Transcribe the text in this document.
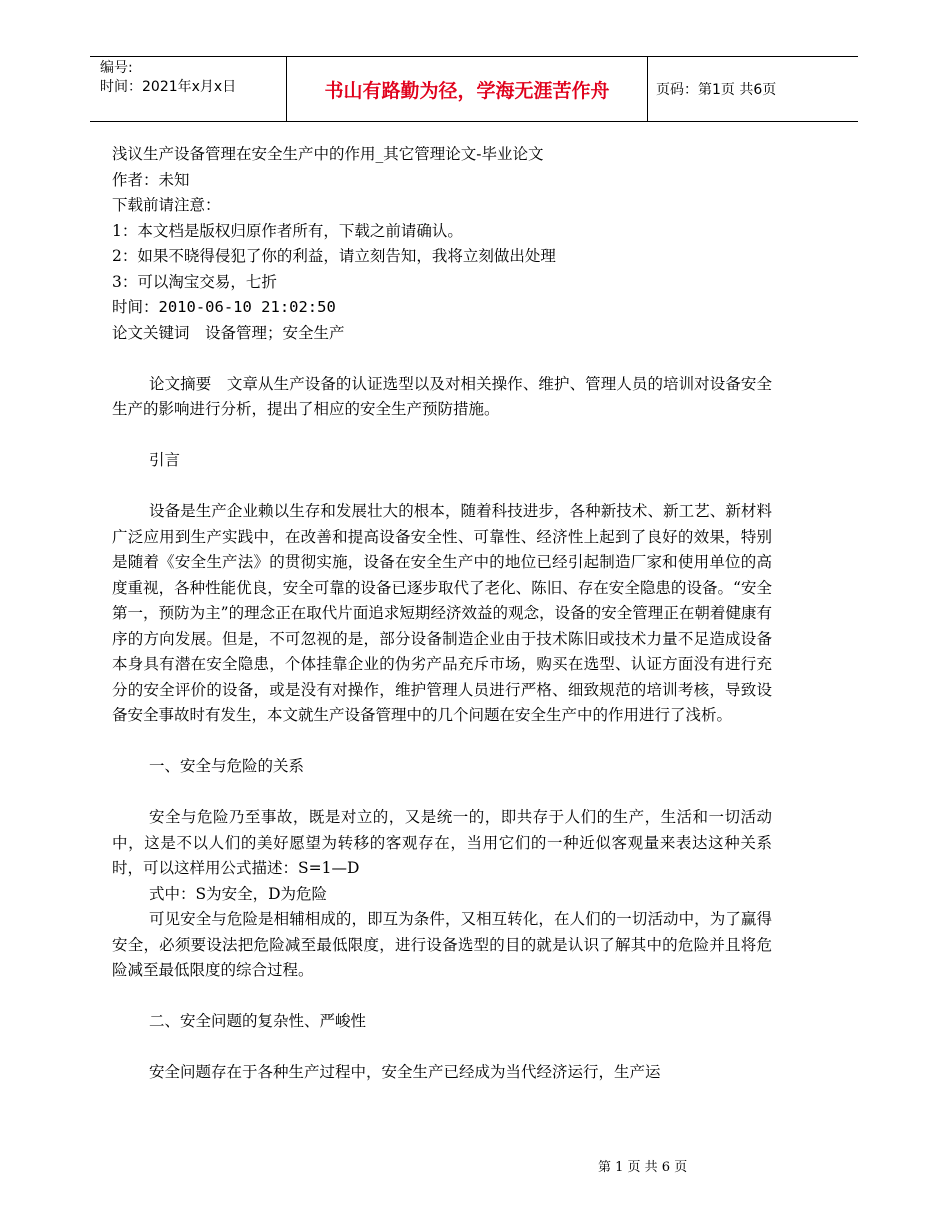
编号:
时间：2021年x月x日	书山有路勤为径，学海无涯苦作舟	页码：第1页 共6页
浅议生产设备管理在安全生产中的作用_其它管理论文-毕业论文
作者：未知
下载前请注意：
1：本文档是版权归原作者所有，下载之前请确认。
2：如果不晓得侵犯了你的利益，请立刻告知，我将立刻做出处理
3：可以淘宝交易，七折
时间：2010-06-10 21:02:50
论文关键词　设备管理；安全生产

论文摘要　文章从生产设备的认证选型以及对相关操作、维护、管理人员的培训对设备安全生产的影响进行分析，提出了相应的安全生产预防措施。

引言

设备是生产企业赖以生存和发展壮大的根本，随着科技进步，各种新技术、新工艺、新材料广泛应用到生产实践中，在改善和提高设备安全性、可靠性、经济性上起到了良好的效果，特别是随着《安全生产法》的贯彻实施，设备在安全生产中的地位已经引起制造厂家和使用单位的高度重视，各种性能优良，安全可靠的设备已逐步取代了老化、陈旧、存在安全隐患的设备。“安全第一，预防为主”的理念正在取代片面追求短期经济效益的观念，设备的安全管理正在朝着健康有序的方向发展。但是，不可忽视的是，部分设备制造企业由于技术陈旧或技术力量不足造成设备本身具有潜在安全隐患，个体挂靠企业的伪劣产品充斥市场，购买在选型、认证方面没有进行充分的安全评价的设备，或是没有对操作，维护管理人员进行严格、细致规范的培训考核，导致设备安全事故时有发生，本文就生产设备管理中的几个问题在安全生产中的作用进行了浅析。

一、安全与危险的关系

安全与危险乃至事故，既是对立的，又是统一的，即共存于人们的生产，生活和一切活动中，这是不以人们的美好愿望为转移的客观存在，当用它们的一种近似客观量来表达这种关系时，可以这样用公式描述：S=1—D

式中：S为安全，D为危险

可见安全与危险是相辅相成的，即互为条件，又相互转化，在人们的一切活动中，为了赢得安全，必须要设法把危险减至最低限度，进行设备选型的目的就是认识了解其中的危险并且将危险减至最低限度的综合过程。

二、安全问题的复杂性、严峻性

安全问题存在于各种生产过程中，安全生产已经成为当代经济运行，生产运

第 1 页 共 6 页
